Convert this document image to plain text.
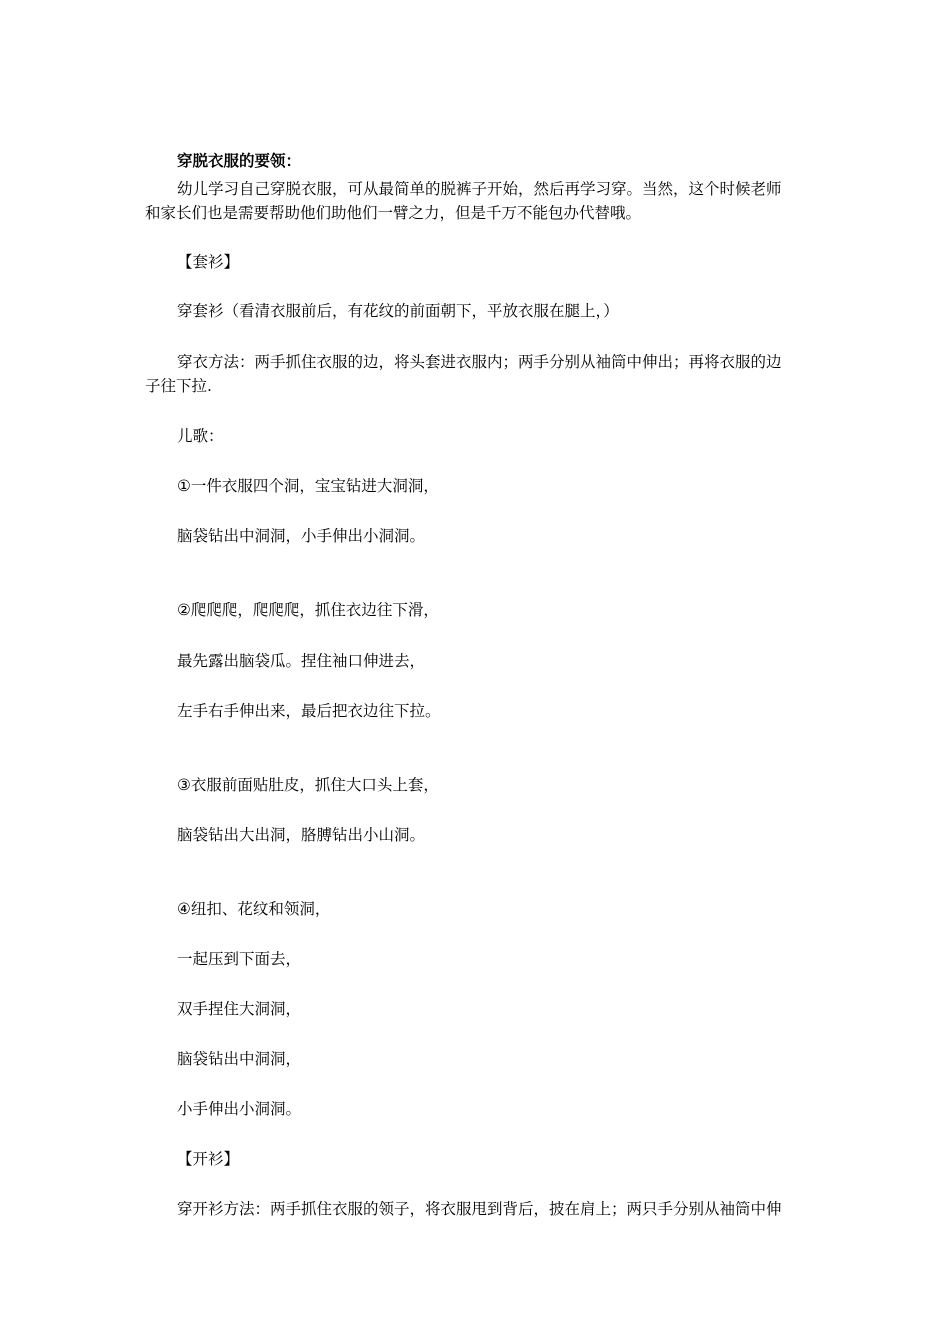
穿脱衣服的要领：
幼儿学习自己穿脱衣服，可从最简单的脱裤子开始，然后再学习穿。当然，这个时候老师
和家长们也是需要帮助他们助他们一臂之力，但是千万不能包办代替哦。
【套衫】
穿套衫（看清衣服前后，有花纹的前面朝下，平放衣服在腿上，）
穿衣方法：两手抓住衣服的边，将头套进衣服内；两手分别从袖筒中伸出；再将衣服的边
子往下拉.
儿歌：
①一件衣服四个洞，宝宝钻进大洞洞，
脑袋钻出中洞洞，小手伸出小洞洞。
②爬爬爬，爬爬爬，抓住衣边往下滑，
最先露出脑袋瓜。捏住袖口伸进去，
左手右手伸出来，最后把衣边往下拉。
③衣服前面贴肚皮，抓住大口头上套，
脑袋钻出大出洞，胳膊钻出小山洞。
④纽扣、花纹和领洞，
一起压到下面去，
双手捏住大洞洞，
脑袋钻出中洞洞，
小手伸出小洞洞。
【开衫】
穿开衫方法：两手抓住衣服的领子，将衣服甩到背后，披在肩上；两只手分别从袖筒中伸
